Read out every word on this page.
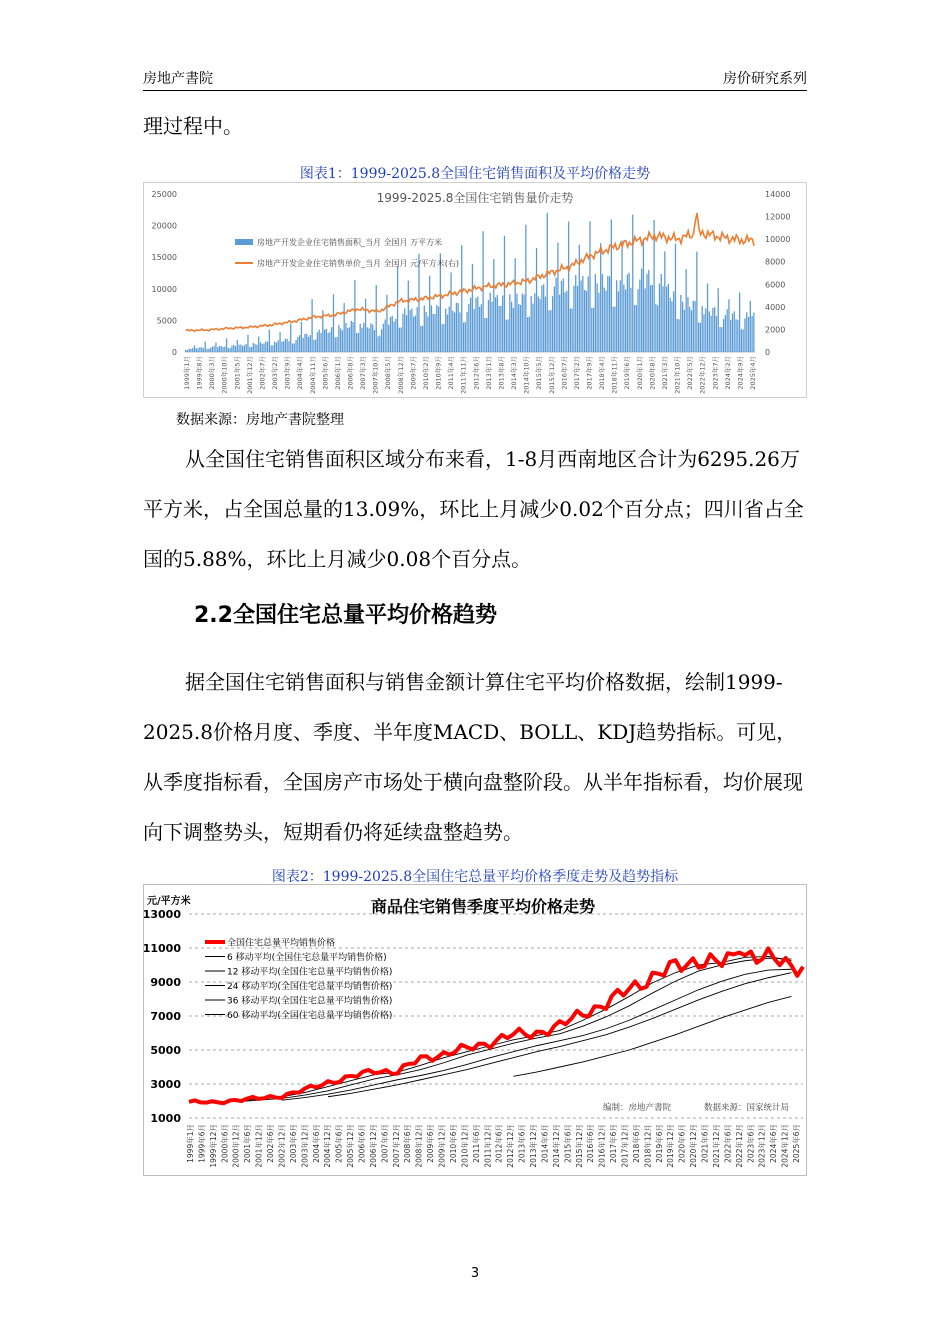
房地产書院	房价研究系列

理过程中。

图表1：1999-2025.8全国住宅销售面积及平均价格走势
1999-2025.8全国住宅销售量价走势
25000
20000
15000
10000
5000
0
14000
12000
10000
8000
6000
4000
2000
0
房地产开发企业住宅销售面积_当月 全国月 万平方米
房地产开发企业住宅销售单价_当月 全国月 元/平方米(右)
1999年1月 1999年8月 2000年3月 2000年10月 2001年5月 2001年12月 2002年7月 2003年2月 2003年9月 2004年4月 2004年11月 2005年6月 2006年1月 2006年8月 2007年3月 2007年10月 2008年5月 2008年12月 2009年7月 2010年2月 2010年9月 2011年4月 2011年11月 2012年6月 2013年1月 2013年8月 2014年3月 2014年10月 2015年5月 2015年12月 2016年7月 2017年2月 2017年9月 2018年4月 2018年11月 2019年6月 2020年1月 2020年8月 2021年3月 2021年10月 2022年5月 2022年12月 2023年7月 2024年2月 2024年9月 2025年4月
数据来源：房地产書院整理

从全国住宅销售面积区域分布来看，1-8月西南地区合计为6295.26万平方米，占全国总量的13.09%，环比上月减少0.02个百分点；四川省占全国的5.88%，环比上月减少0.08个百分点。

2.2全国住宅总量平均价格趋势

据全国住宅销售面积与销售金额计算住宅平均价格数据，绘制1999-2025.8价格月度、季度、半年度MACD、BOLL、KDJ趋势指标。可见，从季度指标看，全国房产市场处于横向盘整阶段。从半年指标看，均价展现向下调整势头，短期看仍将延续盘整趋势。

图表2：1999-2025.8全国住宅总量平均价格季度走势及趋势指标
商品住宅销售季度平均价格走势
元/平方米
13000
11000
9000
7000
5000
3000
1000
全国住宅总量平均销售价格
6 移动平均(全国住宅总量平均销售价格)
12 移动平均(全国住宅总量平均销售价格)
24 移动平均(全国住宅总量平均销售价格)
36 移动平均(全国住宅总量平均销售价格)
60 移动平均(全国住宅总量平均销售价格)
编制：房地产書院	数据来源：国家统计局
1999年1月 1999年6月 1999年12月 2000年6月 2000年12月 2001年6月 2001年12月 2002年6月 2002年12月 2003年6月 2003年12月 2004年6月 2004年12月 2005年6月 2005年12月 2006年6月 2006年12月 2007年6月 2007年12月 2008年6月 2008年12月 2009年6月 2009年12月 2010年6月 2010年12月 2011年6月 2011年12月 2012年6月 2012年12月 2013年6月 2013年12月 2014年6月 2014年12月 2015年6月 2015年12月 2016年6月 2016年12月 2017年6月 2017年12月 2018年6月 2018年12月 2019年6月 2019年12月 2020年6月 2020年12月 2021年6月 2021年12月 2022年6月 2022年12月 2023年6月 2023年12月 2024年6月 2024年12月 2025年6月
3
